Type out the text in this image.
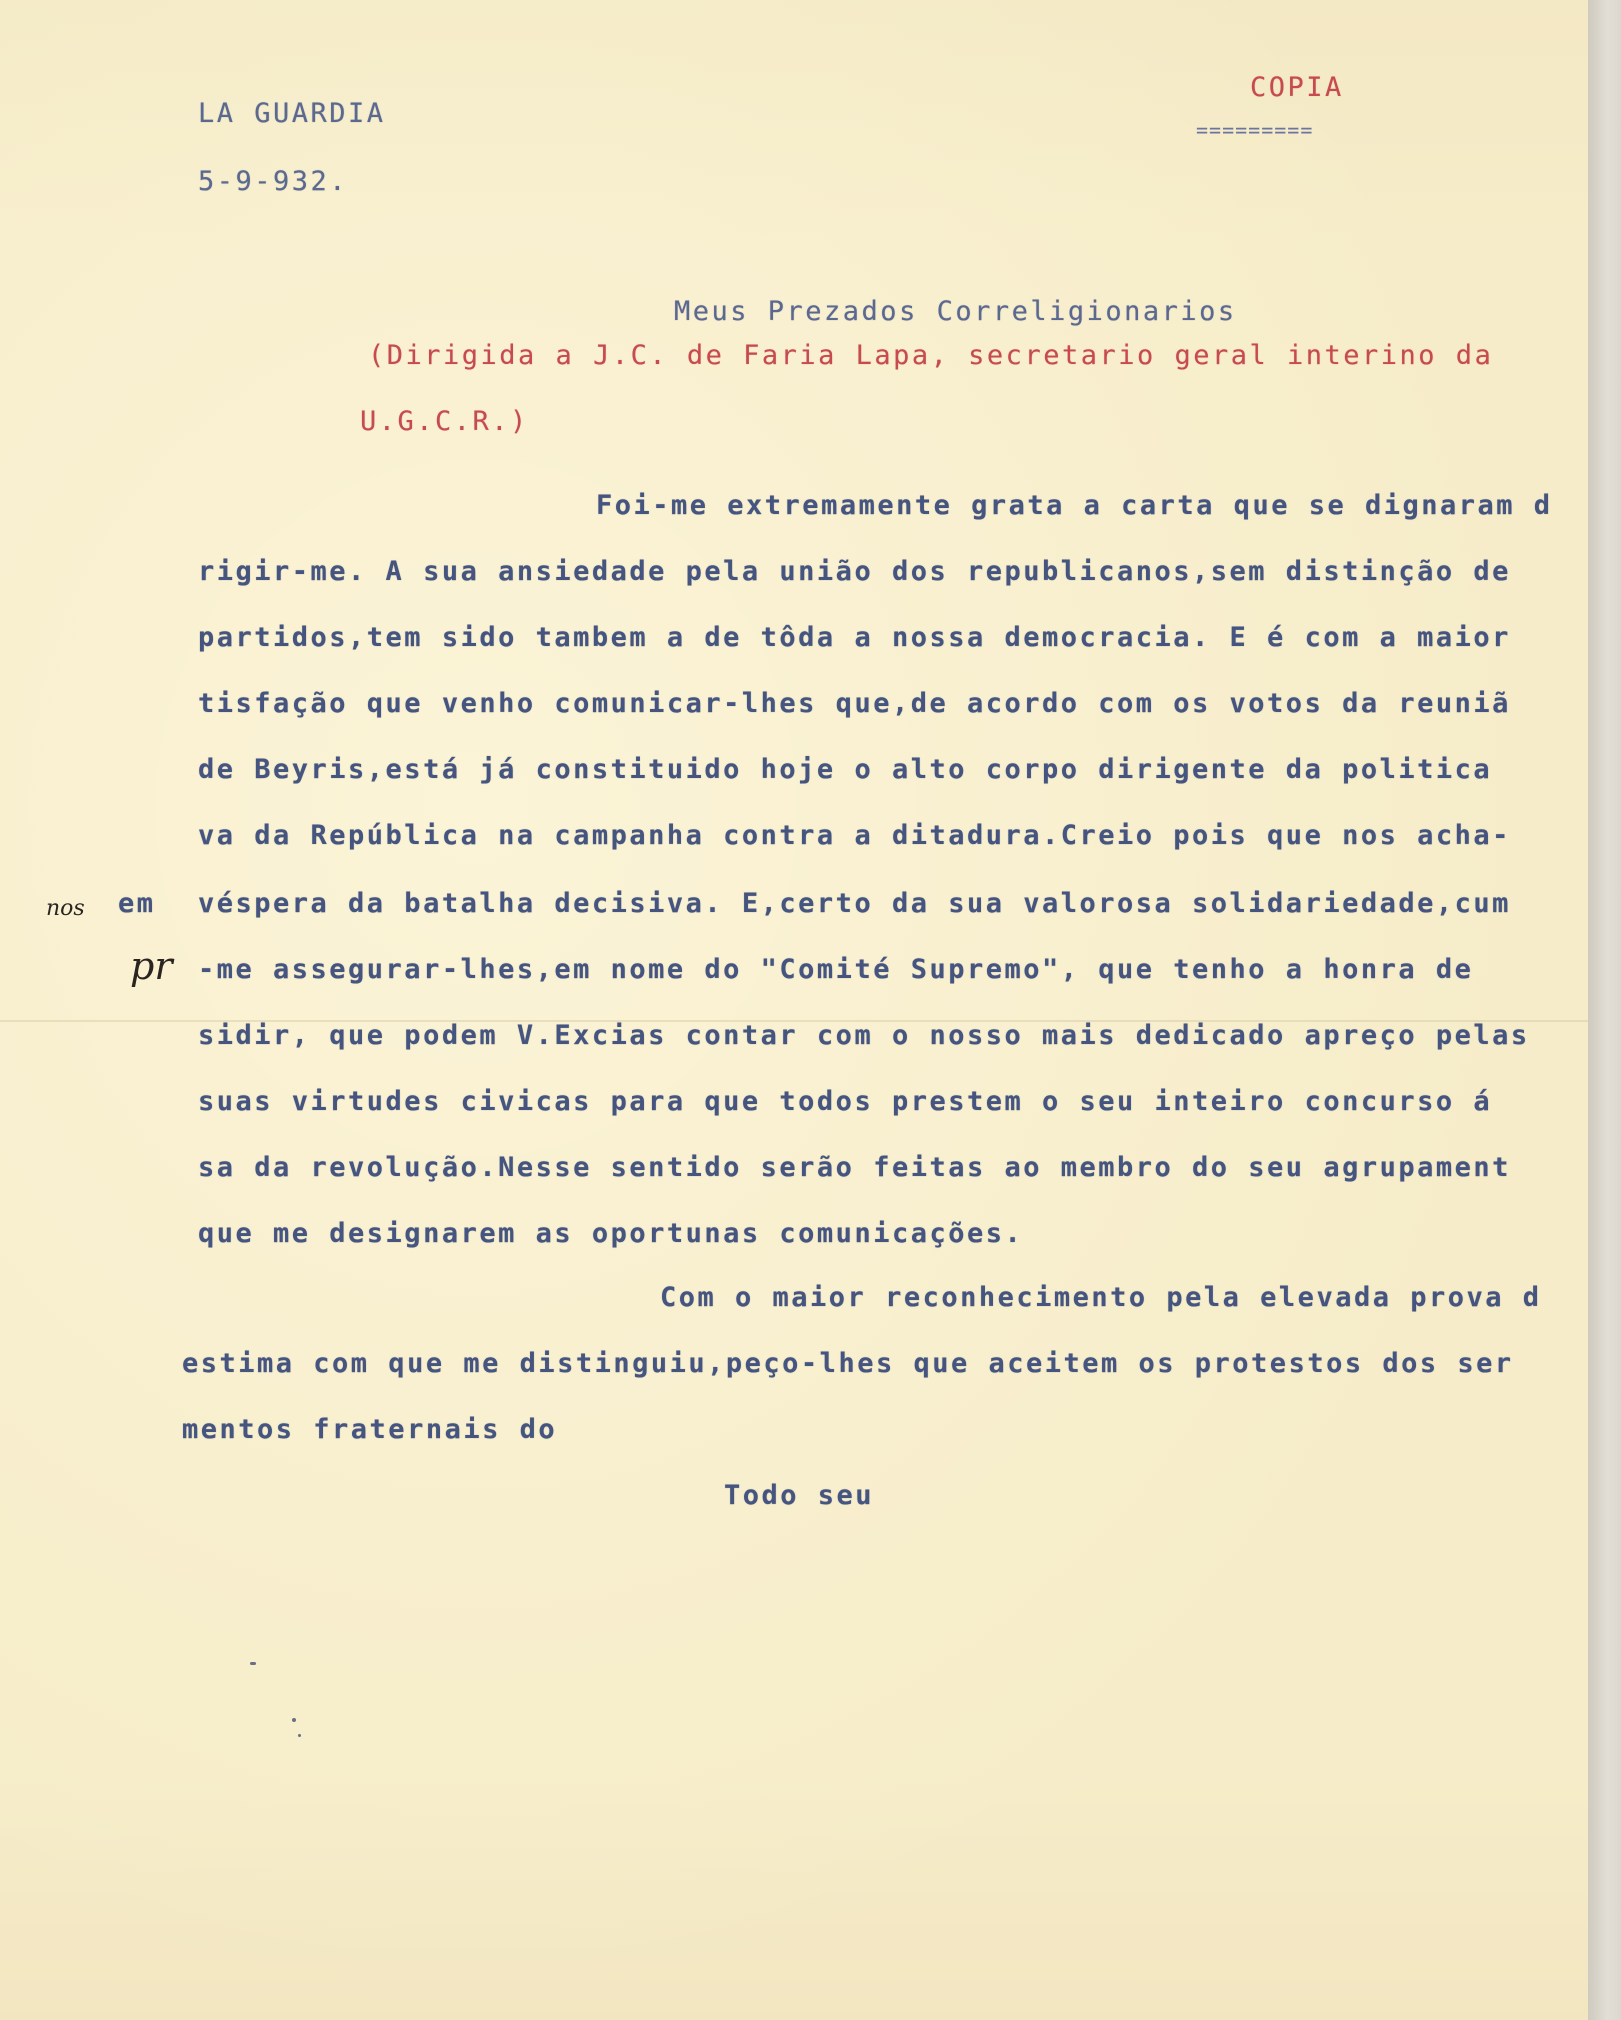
LA GUARDIA
5-9-932.
COPIA
=========
Meus Prezados Correligionarios
(Dirigida a J.C. de Faria Lapa, secretario geral interino da
U.G.C.R.)
Foi-me extremamente grata a carta que se dignaram d
rigir-me. A sua ansiedade pela união dos republicanos,sem distinção de
partidos,tem sido tambem a de tôda a nossa democracia. E é com a maior
tisfação que venho comunicar-lhes que,de acordo com os votos da reuniã
de Beyris,está já constituido hoje o alto corpo dirigente da politica
va da República na campanha contra a ditadura.Creio pois que nos acha-
nos em véspera da batalha decisiva. E,certo da sua valorosa solidariedade,cum
pr -me assegurar-lhes,em nome do "Comité Supremo", que tenho a honra de
sidir, que podem V.Excias contar com o nosso mais dedicado apreço pelas
suas virtudes civicas para que todos prestem o seu inteiro concurso á
sa da revolução.Nesse sentido serão feitas ao membro do seu agrupament
que me designarem as oportunas comunicações.
Com o maior reconhecimento pela elevada prova d
estima com que me distinguiu,peço-lhes que aceitem os protestos dos ser
mentos fraternais do
Todo seu
